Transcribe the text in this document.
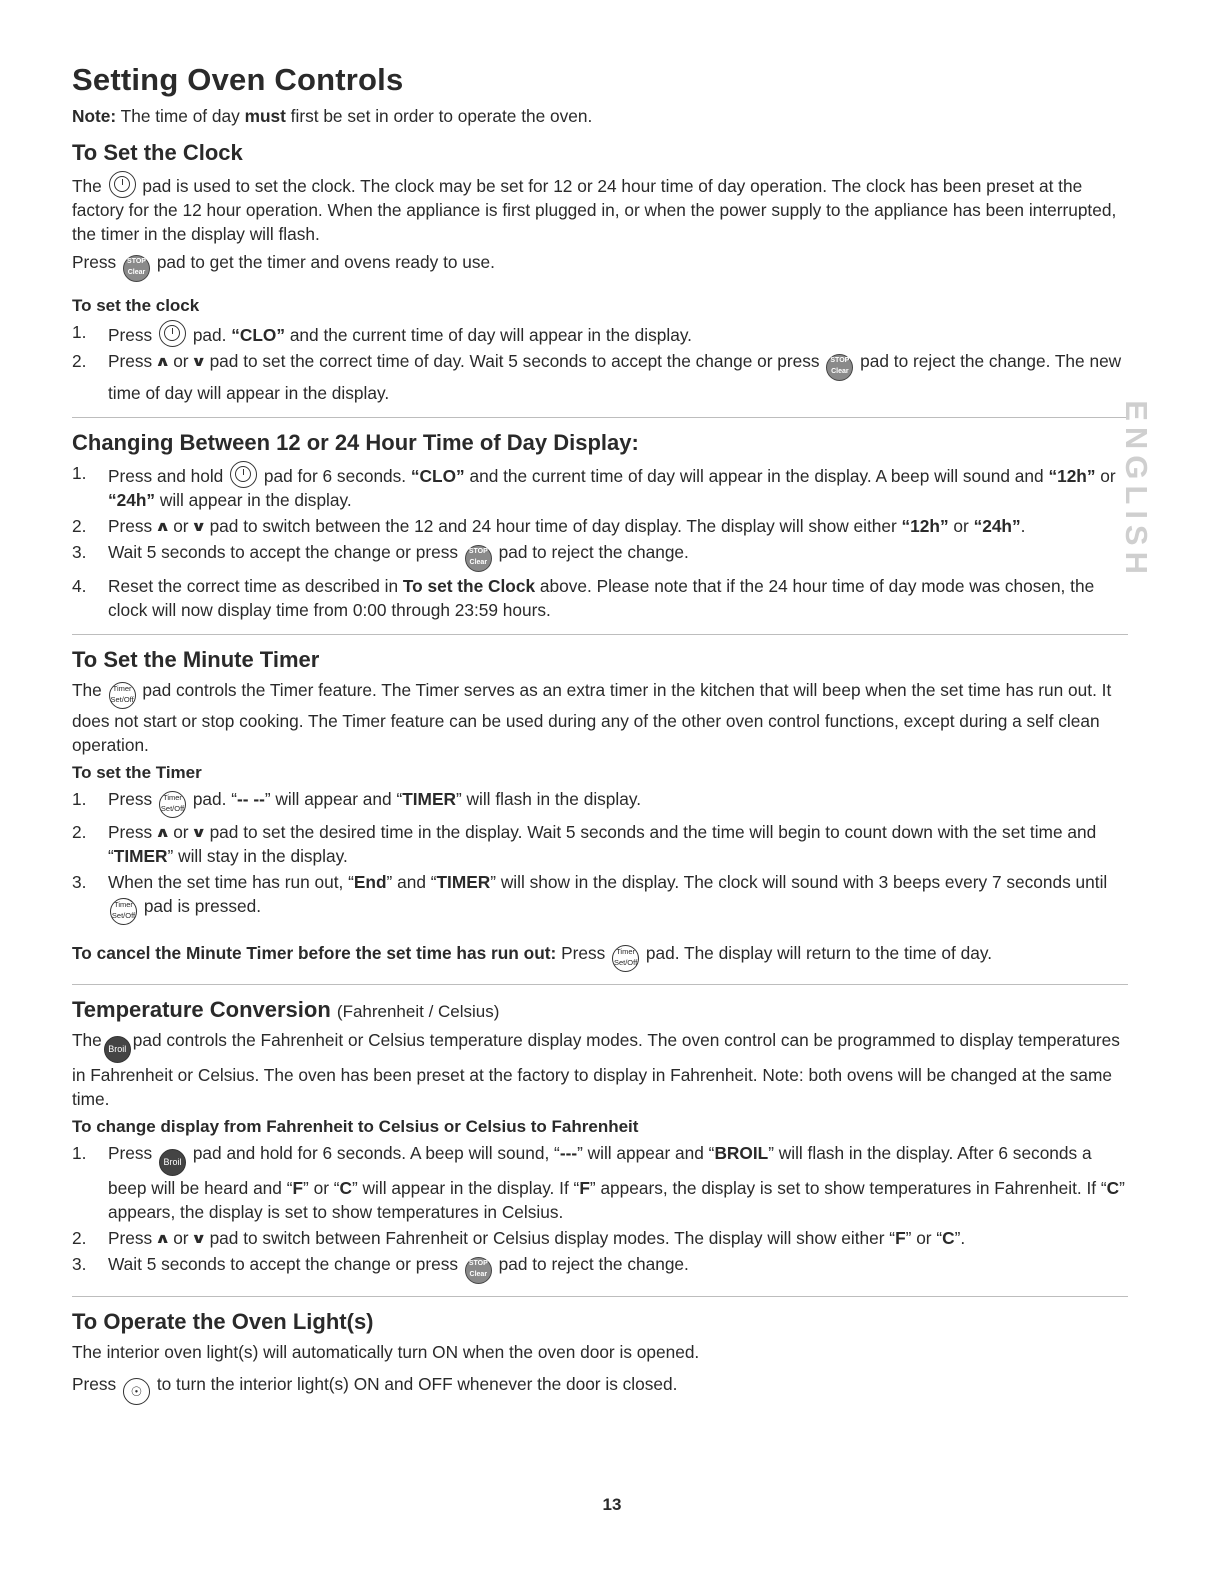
Setting Oven Controls

Note: The time of day must first be set in order to operate the oven.

To Set the Clock

The pad is used to set the clock. The clock may be set for 12 or 24 hour time of day operation. The clock has been preset at the factory for the 12 hour operation. When the appliance is first plugged in, or when the power supply to the appliance has been interrupted, the timer in the display will flash.

Press STOP Clear pad to get the timer and ovens ready to use.

To set the clock
1. Press pad. “CLO” and the current time of day will appear in the display.
2. Press ∧ or ∨ pad to set the correct time of day. Wait 5 seconds to accept the change or press STOP Clear pad to reject the change. The new time of day will appear in the display.
Changing Between 12 or 24 Hour Time of Day Display:
1. Press and hold pad for 6 seconds. “CLO” and the current time of day will appear in the display. A beep will sound and “12h” or “24h” will appear in the display.
2. Press ∧ or ∨ pad to switch between the 12 and 24 hour time of day display. The display will show either “12h” or “24h”.
3. Wait 5 seconds to accept the change or press STOP Clear pad to reject the change.
4. Reset the correct time as described in To set the Clock above. Please note that if the 24 hour time of day mode was chosen, the clock will now display time from 0:00 through 23:59 hours.
To Set the Minute Timer

The Timer Set/Off pad controls the Timer feature. The Timer serves as an extra timer in the kitchen that will beep when the set time has run out. It does not start or stop cooking. The Timer feature can be used during any of the other oven control functions, except during a self clean operation.

To set the Timer
1. Press Timer Set/Off pad. “-- --” will appear and “TIMER” will flash in the display.
2. Press ∧ or ∨ pad to set the desired time in the display. Wait 5 seconds and the time will begin to count down with the set time and “TIMER” will stay in the display.
3. When the set time has run out, “End” and “TIMER” will show in the display. The clock will sound with 3 beeps every 7 seconds until Timer Set/Off pad is pressed.

To cancel the Minute Timer before the set time has run out: Press Timer Set/Off pad. The display will return to the time of day.

Temperature Conversion (Fahrenheit / Celsius)

The Broil pad controls the Fahrenheit or Celsius temperature display modes. The oven control can be programmed to display temperatures in Fahrenheit or Celsius. The oven has been preset at the factory to display in Fahrenheit. Note: both ovens will be changed at the same time.

To change display from Fahrenheit to Celsius or Celsius to Fahrenheit
1. Press Broil pad and hold for 6 seconds. A beep will sound, “---” will appear and “BROIL” will flash in the display. After 6 seconds a beep will be heard and “F” or “C” will appear in the display. If “F” appears, the display is set to show temperatures in Fahrenheit. If “C” appears, the display is set to show temperatures in Celsius.
2. Press ∧ or ∨ pad to switch between Fahrenheit or Celsius display modes. The display will show either “F” or “C”.
3. Wait 5 seconds to accept the change or press STOP Clear pad to reject the change.
To Operate the Oven Light(s)

The interior oven light(s) will automatically turn ON when the oven door is opened.

Press ☉ to turn the interior light(s) ON and OFF whenever the door is closed.

ENGLISH
13
